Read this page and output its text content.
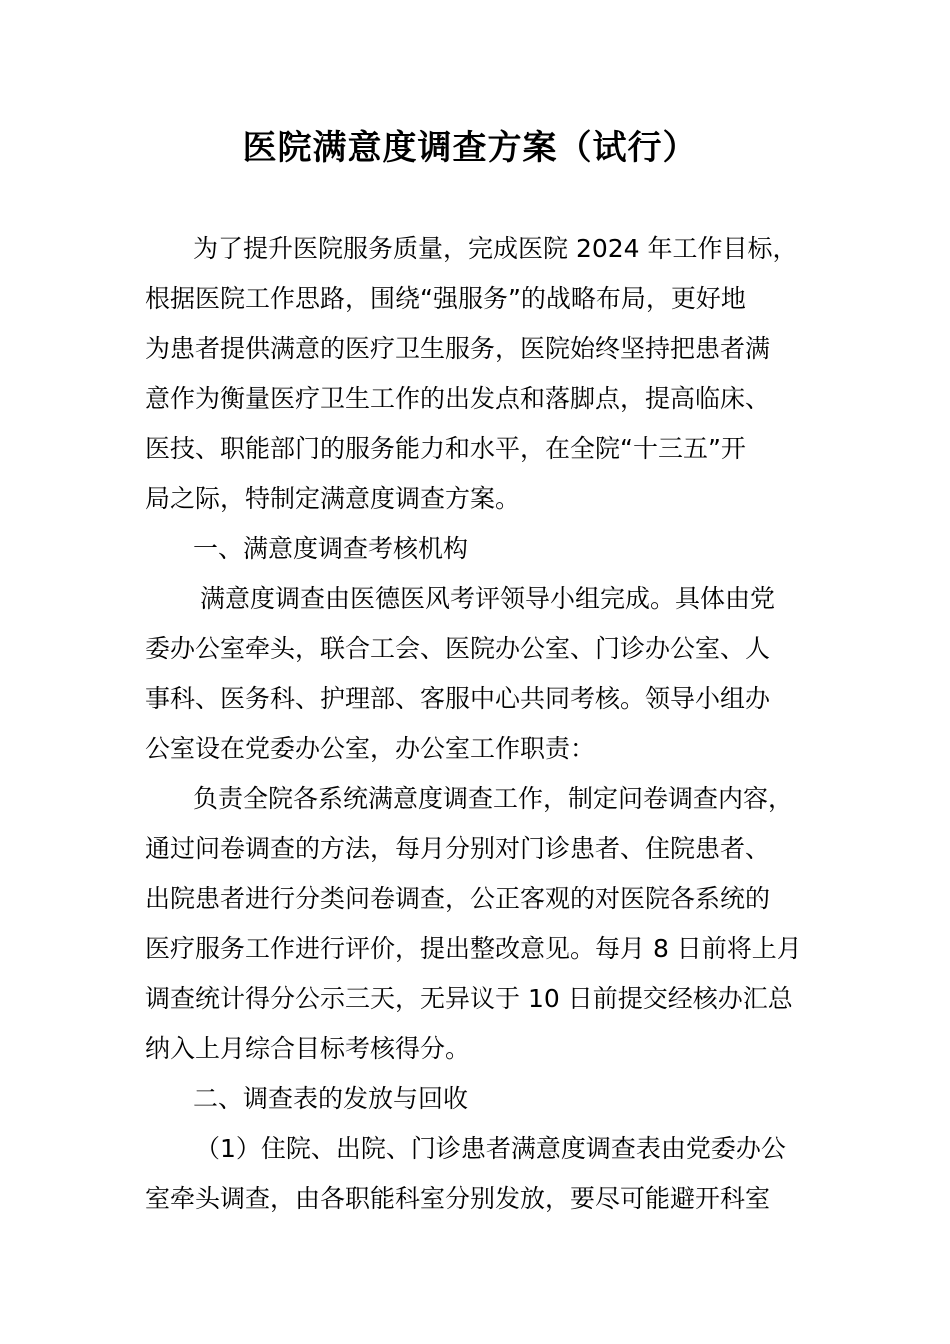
医院满意度调查方案（试行）
为了提升医院服务质量，完成医院 2024 年工作目标，
根据医院工作思路，围绕“强服务”的战略布局，更好地
为患者提供满意的医疗卫生服务，医院始终坚持把患者满
意作为衡量医疗卫生工作的出发点和落脚点，提高临床、
医技、职能部门的服务能力和水平，在全院“十三五”开
局之际，特制定满意度调查方案。
一、满意度调查考核机构
满意度调查由医德医风考评领导小组完成。具体由党
委办公室牵头，联合工会、医院办公室、门诊办公室、人
事科、医务科、护理部、客服中心共同考核。领导小组办
公室设在党委办公室，办公室工作职责：
负责全院各系统满意度调查工作，制定问卷调查内容，
通过问卷调查的方法，每月分别对门诊患者、住院患者、
出院患者进行分类问卷调查，公正客观的对医院各系统的
医疗服务工作进行评价，提出整改意见。每月 8 日前将上月
调查统计得分公示三天，无异议于 10 日前提交经核办汇总
纳入上月综合目标考核得分。
二、调查表的发放与回收
（1）住院、出院、门诊患者满意度调查表由党委办公
室牵头调查，由各职能科室分别发放，要尽可能避开科室
